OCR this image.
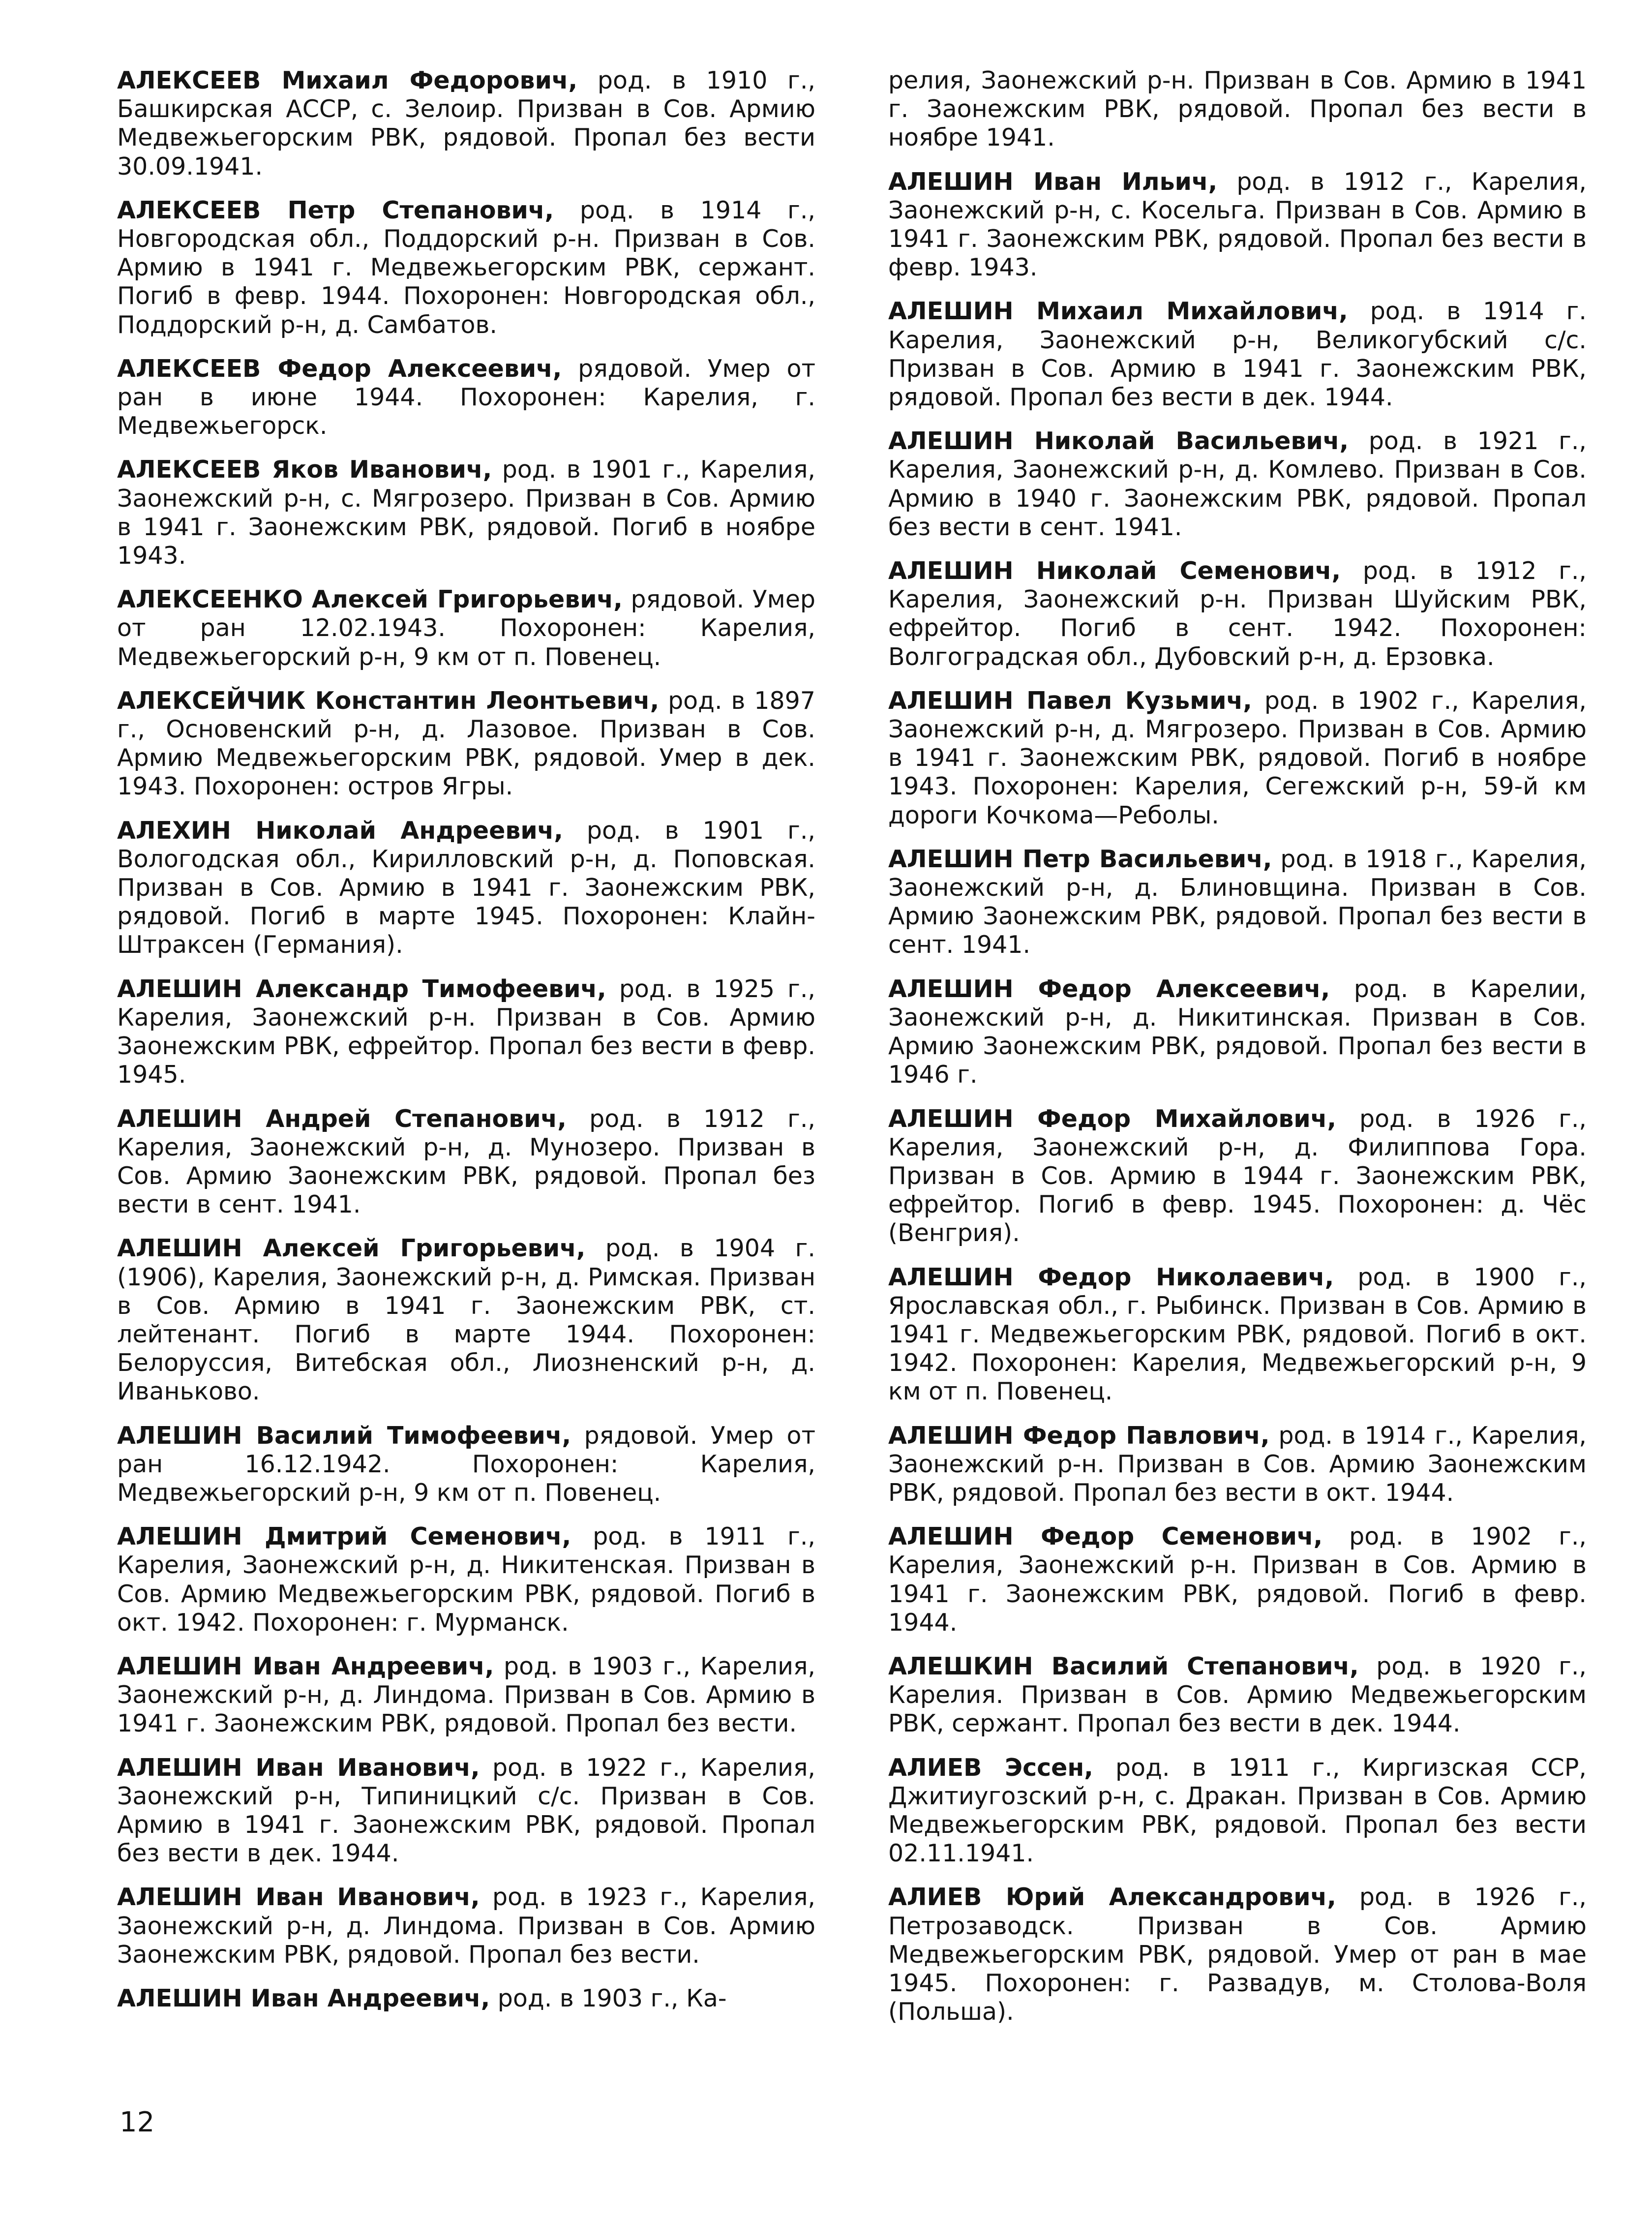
АЛЕКСЕЕВ Михаил Федорович, род. в 1910 г., Башкирская АССР, с. Зелоир. Призван в Сов. Армию Медвежьегорским РВК, рядовой. Пропал без вести 30.09.1941.

АЛЕКСЕЕВ Петр Степанович, род. в 1914 г., Новгородская обл., Поддорский р-н. Призван в Сов. Армию в 1941 г. Медвежьегорским РВК, сержант. Погиб в февр. 1944. Похоронен: Новгородская обл., Поддорский р-н, д. Самбатов.

АЛЕКСЕЕВ Федор Алексеевич, рядовой. Умер от ран в июне 1944. Похоронен: Карелия, г. Медвежьегорск.

АЛЕКСЕЕВ Яков Иванович, род. в 1901 г., Карелия, Заонежский р-н, с. Мягрозеро. Призван в Сов. Армию в 1941 г. Заонежским РВК, рядовой. Погиб в ноябре 1943.

АЛЕКСЕЕНКО Алексей Григорьевич, рядовой. Умер от ран 12.02.1943. Похоронен: Карелия, Медвежьегорский р-н, 9 км от п. Повенец.

АЛЕКСЕЙЧИК Константин Леонтьевич, род. в 1897 г., Основенский р-н, д. Лазовое. Призван в Сов. Армию Медвежьегорским РВК, рядовой. Умер в дек. 1943. Похоронен: остров Ягры.

АЛЕХИН Николай Андреевич, род. в 1901 г., Вологодская обл., Кирилловский р-н, д. Поповская. Призван в Сов. Армию в 1941 г. Заонежским РВК, рядовой. Погиб в марте 1945. Похоронен: Клайн-Штраксен (Германия).

АЛЕШИН Александр Тимофеевич, род. в 1925 г., Карелия, Заонежский р-н. Призван в Сов. Армию Заонежским РВК, ефрейтор. Пропал без вести в февр. 1945.

АЛЕШИН Андрей Степанович, род. в 1912 г., Карелия, Заонежский р-н, д. Мунозеро. Призван в Сов. Армию Заонежским РВК, рядовой. Пропал без вести в сент. 1941.

АЛЕШИН Алексей Григорьевич, род. в 1904 г. (1906), Карелия, Заонежский р-н, д. Римская. Призван в Сов. Армию в 1941 г. Заонежским РВК, ст. лейтенант. Погиб в марте 1944. Похоронен: Белоруссия, Витебская обл., Лиозненский р-н, д. Иванькoво.

АЛЕШИН Василий Тимофеевич, рядовой. Умер от ран 16.12.1942. Похоронен: Карелия, Медвежьегорский р-н, 9 км от п. Повенец.

АЛЕШИН Дмитрий Семенович, род. в 1911 г., Карелия, Заонежский р-н, д. Никитенская. Призван в Сов. Армию Медвежьегорским РВК, рядовой. Погиб в окт. 1942. Похоронен: г. Мурманск.

АЛЕШИН Иван Андреевич, род. в 1903 г., Карелия, Заонежский р-н, д. Линдома. Призван в Сов. Армию в 1941 г. Заонежским РВК, рядовой. Пропал без вести.

АЛЕШИН Иван Иванович, род. в 1922 г., Карелия, Заонежский р-н, Типиницкий с/с. Призван в Сов. Армию в 1941 г. Заонежским РВК, рядовой. Пропал без вести в дек. 1944.

АЛЕШИН Иван Иванович, род. в 1923 г., Карелия, Заонежский р-н, д. Линдома. Призван в Сов. Армию Заонежским РВК, рядовой. Пропал без вести.

АЛЕШИН Иван Андреевич, род. в 1903 г., Ка-

релия, Заонежский р-н. Призван в Сов. Армию в 1941 г. Заонежским РВК, рядовой. Пропал без вести в ноябре 1941.

АЛЕШИН Иван Ильич, род. в 1912 г., Карелия, Заонежский р-н, с. Косельга. Призван в Сов. Армию в 1941 г. Заонежским РВК, рядовой. Пропал без вести в февр. 1943.

АЛЕШИН Михаил Михайлович, род. в 1914 г. Карелия, Заонежский р-н, Великогубский с/с. Призван в Сов. Армию в 1941 г. Заонежским РВК, рядовой. Пропал без вести в дек. 1944.

АЛЕШИН Николай Васильевич, род. в 1921 г., Карелия, Заонежский р-н, д. Комлево. Призван в Сов. Армию в 1940 г. Заонежским РВК, рядовой. Пропал без вести в сент. 1941.

АЛЕШИН Николай Семенович, род. в 1912 г., Карелия, Заонежский р-н. Призван Шуйским РВК, ефрейтор. Погиб в сент. 1942. Похоронен: Волгоградская обл., Дубовский р-н, д. Ерзовка.

АЛЕШИН Павел Кузьмич, род. в 1902 г., Карелия, Заонежский р-н, д. Мягрозеро. Призван в Сов. Армию в 1941 г. Заонежским РВК, рядовой. Погиб в ноябре 1943. Похоронен: Карелия, Сегежский р-н, 59-й км дороги Кочкома—Реболы.

АЛЕШИН Петр Васильевич, род. в 1918 г., Карелия, Заонежский р-н, д. Блиновщина. Призван в Сов. Армию Заонежским РВК, рядовой. Пропал без вести в сент. 1941.

АЛЕШИН Федор Алексеевич, род. в Карелии, Заонежский р-н, д. Никитинская. Призван в Сов. Армию Заонежским РВК, рядовой. Пропал без вести в 1946 г.

АЛЕШИН Федор Михайлович, род. в 1926 г., Карелия, Заонежский р-н, д. Филиппова Гора. Призван в Сов. Армию в 1944 г. Заонежским РВК, ефрейтор. Погиб в февр. 1945. Похоронен: д. Чёс (Венгрия).

АЛЕШИН Федор Николаевич, род. в 1900 г., Ярославская обл., г. Рыбинск. Призван в Сов. Армию в 1941 г. Медвежьегорским РВК, рядовой. Погиб в окт. 1942. Похоронен: Карелия, Медвежьегорский р-н, 9 км от п. Повенец.

АЛЕШИН Федор Павлович, род. в 1914 г., Карелия, Заонежский р-н. Призван в Сов. Армию Заонежским РВК, рядовой. Пропал без вести в окт. 1944.

АЛЕШИН Федор Семенович, род. в 1902 г., Карелия, Заонежский р-н. Призван в Сов. Армию в 1941 г. Заонежским РВК, рядовой. Погиб в февр. 1944.

АЛЕШКИН Василий Степанович, род. в 1920 г., Карелия. Призван в Сов. Армию Медвежьегорским РВК, сержант. Пропал без вести в дек. 1944.

АЛИЕВ Эссен, род. в 1911 г., Киргизская ССР, Джитиугозский р-н, с. Дракан. Призван в Сов. Армию Медвежьегорским РВК, рядовой. Пропал без вести 02.11.1941.

АЛИЕВ Юрий Александрович, род. в 1926 г., Петрозаводск. Призван в Сов. Армию Медвежьегорским РВК, рядовой. Умер от ран в мае 1945. Похоронен: г. Развадув, м. Столова-Воля (Польша).

12
